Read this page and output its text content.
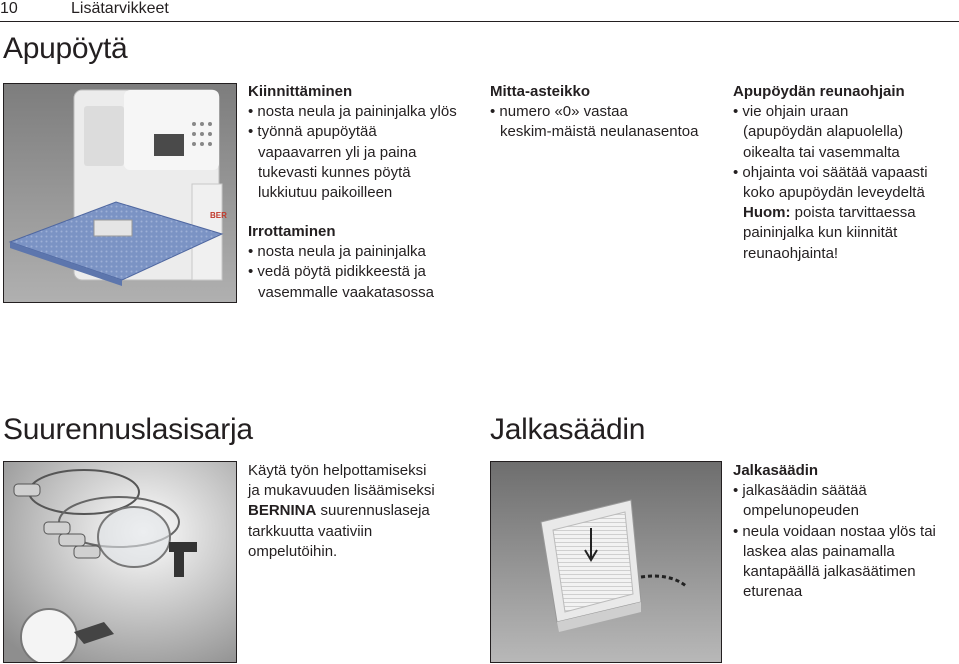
10	Lisätarvikkeet
Apupöytä
BER
Kiinnittäminen
• nosta neula ja paininjalka ylös
• työnnä apupöytää
vapaavarren yli ja paina
tukevasti kunnes pöytä
lukkiutuu paikoilleen
Irrottaminen
• nosta neula ja paininjalka
• vedä pöytä pidikkeestä ja
vasemmalle vaakatasossa
Mitta-asteikko
• numero «0» vastaa
keskim-mäistä neulanasentoa
Apupöydän reunaohjain
• vie ohjain uraan
(apupöydän alapuolella)
oikealta tai vasemmalta
• ohjainta voi säätää vapaasti
koko apupöydän leveydeltä
Huom: poista tarvittaessa
paininjalka kun kiinnität
reunaohjainta!
Suurennuslasisarja
Käytä työn helpottamiseksi
ja mukavuuden lisäämiseksi
BERNINA suurennuslaseja
tarkkuutta vaativiin
ompelutöihin.
Jalkasäädin
Jalkasäädin
• jalkasäädin säätää
ompelunopeuden
• neula voidaan nostaa ylös tai
laskea alas painamalla
kantapäällä jalkasäätimen
eturenaa
